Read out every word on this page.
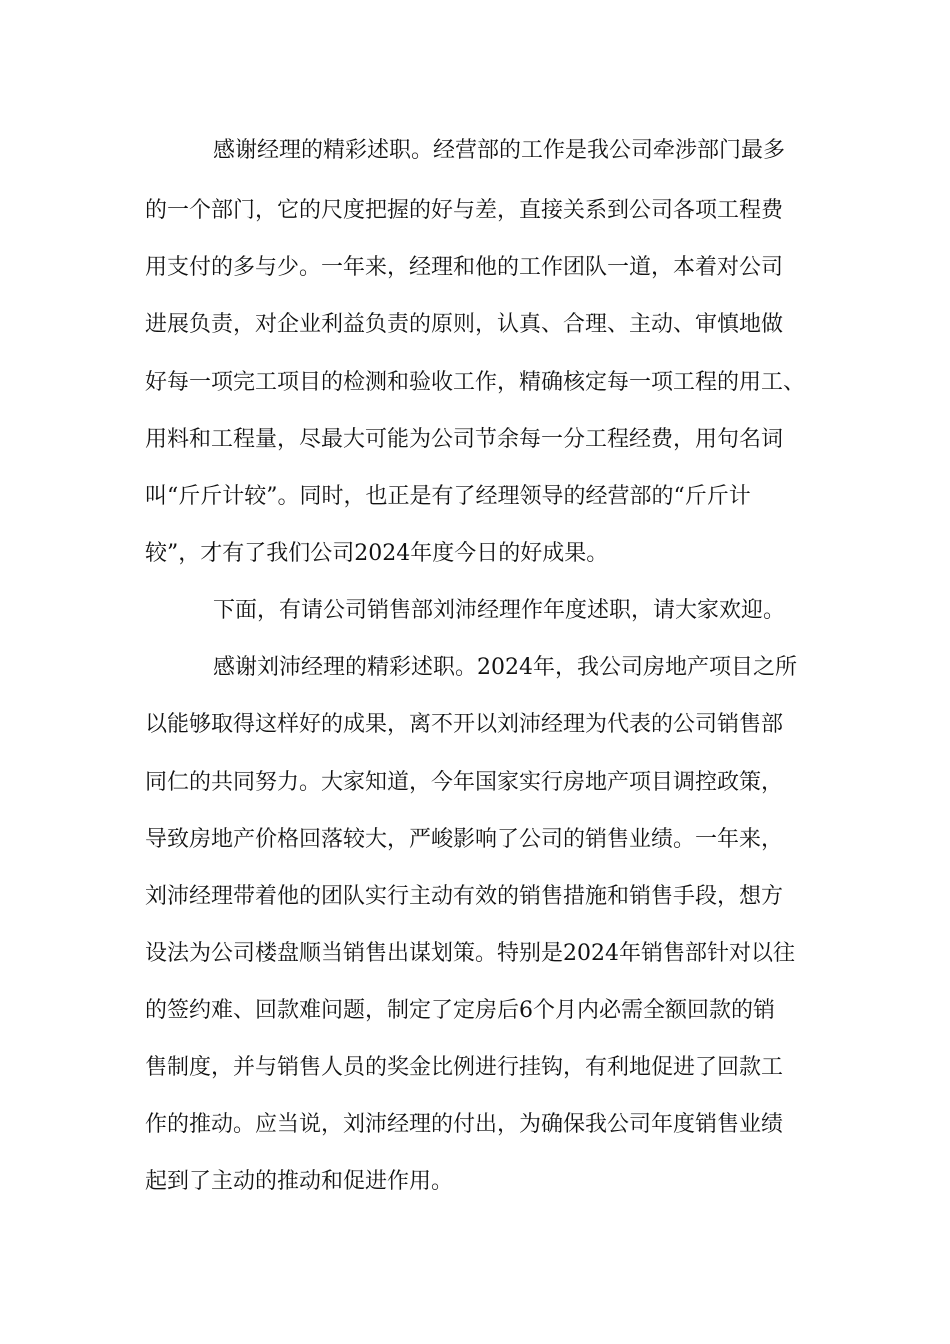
感谢经理的精彩述职。经营部的工作是我公司牵涉部门最多
的一个部门，它的尺度把握的好与差，直接关系到公司各项工程费
用支付的多与少。一年来，经理和他的工作团队一道，本着对公司
进展负责，对企业利益负责的原则，认真、合理、主动、审慎地做
好每一项完工项目的检测和验收工作，精确核定每一项工程的用工、
用料和工程量，尽最大可能为公司节余每一分工程经费，用句名词
叫“斤斤计较”。同时，也正是有了经理领导的经营部的“斤斤计
较”，才有了我们公司2024年度今日的好成果。
下面，有请公司销售部刘沛经理作年度述职，请大家欢迎。
感谢刘沛经理的精彩述职。2024年，我公司房地产项目之所
以能够取得这样好的成果，离不开以刘沛经理为代表的公司销售部
同仁的共同努力。大家知道，今年国家实行房地产项目调控政策，
导致房地产价格回落较大，严峻影响了公司的销售业绩。一年来，
刘沛经理带着他的团队实行主动有效的销售措施和销售手段，想方
设法为公司楼盘顺当销售出谋划策。特别是2024年销售部针对以往
的签约难、回款难问题，制定了定房后6个月内必需全额回款的销
售制度，并与销售人员的奖金比例进行挂钩，有利地促进了回款工
作的推动。应当说，刘沛经理的付出，为确保我公司年度销售业绩
起到了主动的推动和促进作用。
